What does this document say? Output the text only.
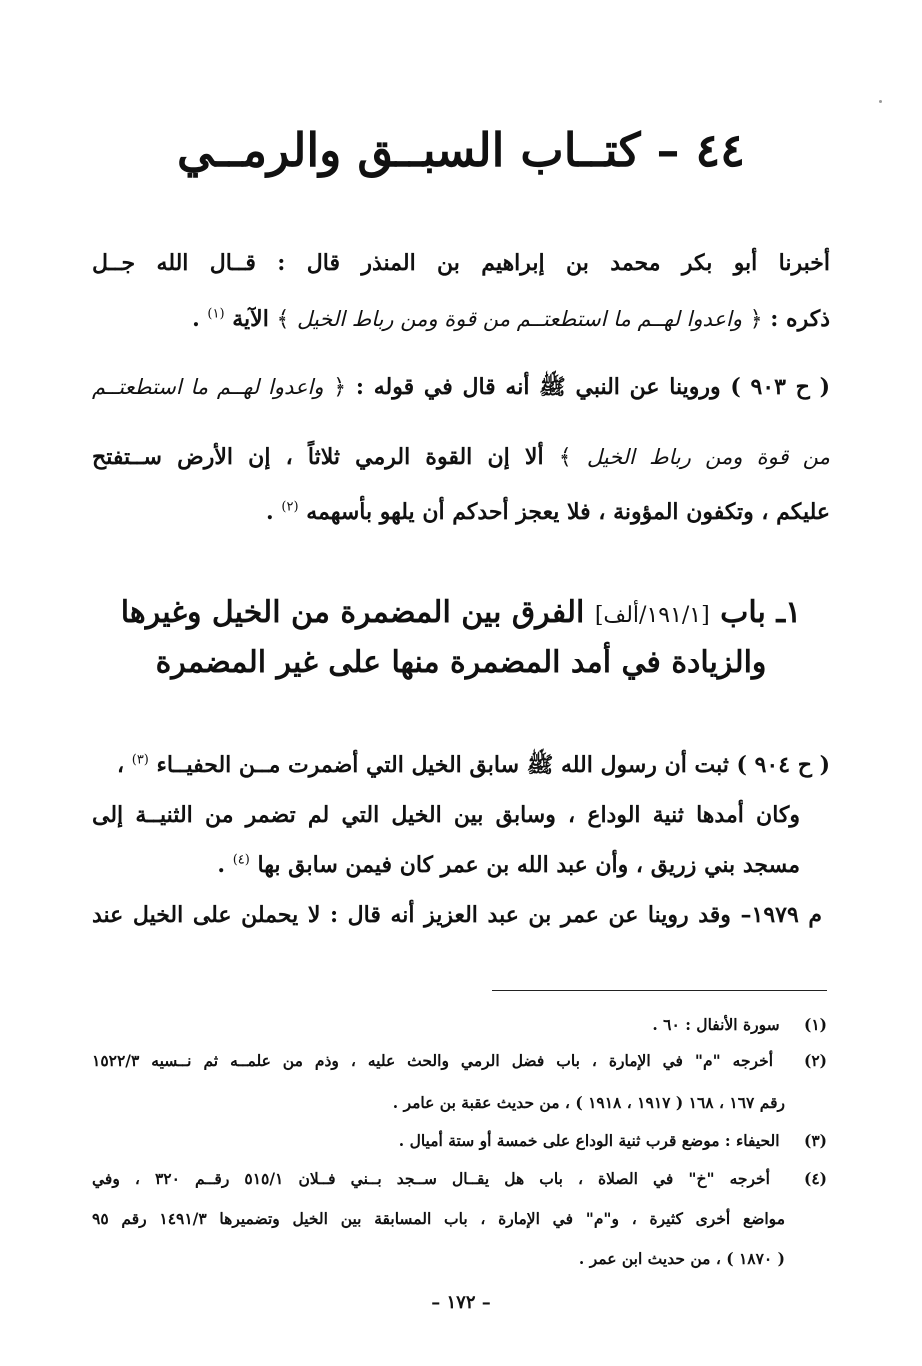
٤٤ – كتــاب السبــق والرمــي

أخبرنا أبو بكر محمد بن إبراهيم بن المنذر قال : قــال الله جــل

ذكره : ﴿ واعدوا لهــم ما استطعتــم من قوة ومن رباط الخيل ﴾ الآية $^{(١)}$ .

( ح ٩٠٣ ) وروينا عن النبي ﷺ أنه قال في قوله : ﴿ واعدوا لهــم ما استطعتــم

من قوة ومن رباط الخيل ﴾ ألا إن القوة الرمي ثلاثاً ، إن الأرض ســتفتح

عليكم ، وتكفون المؤونة ، فلا يعجز أحدكم أن يلهو بأسهمه $^{(٢)}$ .

١ـ باب [١٩١/١/ألف] الفرق بين المضمرة من الخيل وغيرها
والزيادة في أمد المضمرة منها على غير المضمرة

( ح ٩٠٤ ) ثبت أن رسول الله ﷺ سابق الخيل التي أضمرت مــن الحفيــاء $^{(٣)}$ ،

وكان أمدها ثنية الوداع ، وسابق بين الخيل التي لم تضمر من الثنيــة إلى

مسجد بني زريق ، وأن عبد الله بن عمر كان فيمن سابق بها $^{(٤)}$ .

م ١٩٧٩– وقد روينا عن عمر بن عبد العزيز أنه قال : لا يحملن على الخيل عند

(١) سورة الأنفال : ٦٠ .
(٢) أخرجه "م" في الإمارة ، باب فضل الرمي والحث عليه ، وذم من علمــه ثم نــسيه ١٥٢٢/٣
رقم ١٦٧ ، ١٦٨ ( ١٩١٧ ، ١٩١٨ ) ، من حديث عقبة بن عامر .
(٣) الحيفاء : موضع قرب ثنية الوداع على خمسة أو ستة أميال .
(٤) أخرجه "خ" في الصلاة ، باب هل يقــال ســجد بــني فــلان ٥١٥/١ رقــم ٣٢٠ ، وفي
مواضع أخرى كثيرة ، و"م" في الإمارة ، باب المسابقة بين الخيل وتضميرها ١٤٩١/٣ رقم ٩٥
( ١٨٧٠ ) ، من حديث ابن عمر .
– ١٧٢ –
